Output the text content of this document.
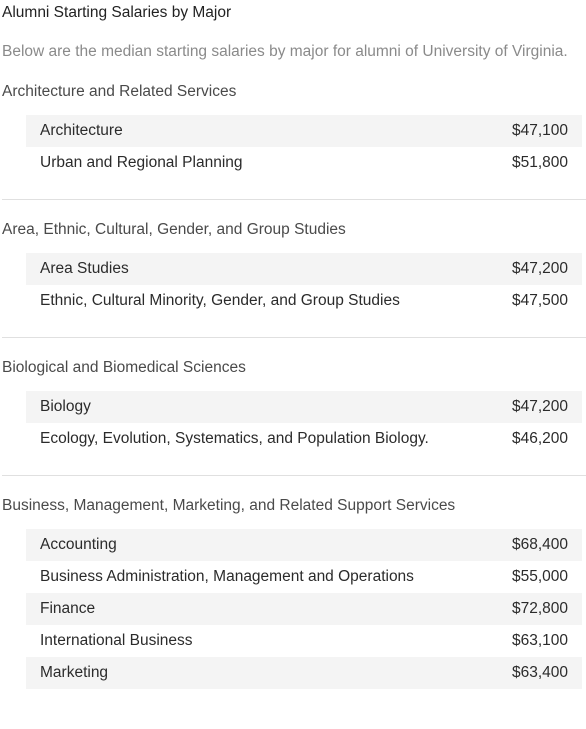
Alumni Starting Salaries by Major
Below are the median starting salaries by major for alumni of University of Virginia.
Architecture and Related Services
Architecture	$47,100
Urban and Regional Planning	$51,800
Area, Ethnic, Cultural, Gender, and Group Studies
Area Studies	$47,200
Ethnic, Cultural Minority, Gender, and Group Studies	$47,500
Biological and Biomedical Sciences
Biology	$47,200
Ecology, Evolution, Systematics, and Population Biology.	$46,200
Business, Management, Marketing, and Related Support Services
Accounting	$68,400
Business Administration, Management and Operations	$55,000
Finance	$72,800
International Business	$63,100
Marketing	$63,400
